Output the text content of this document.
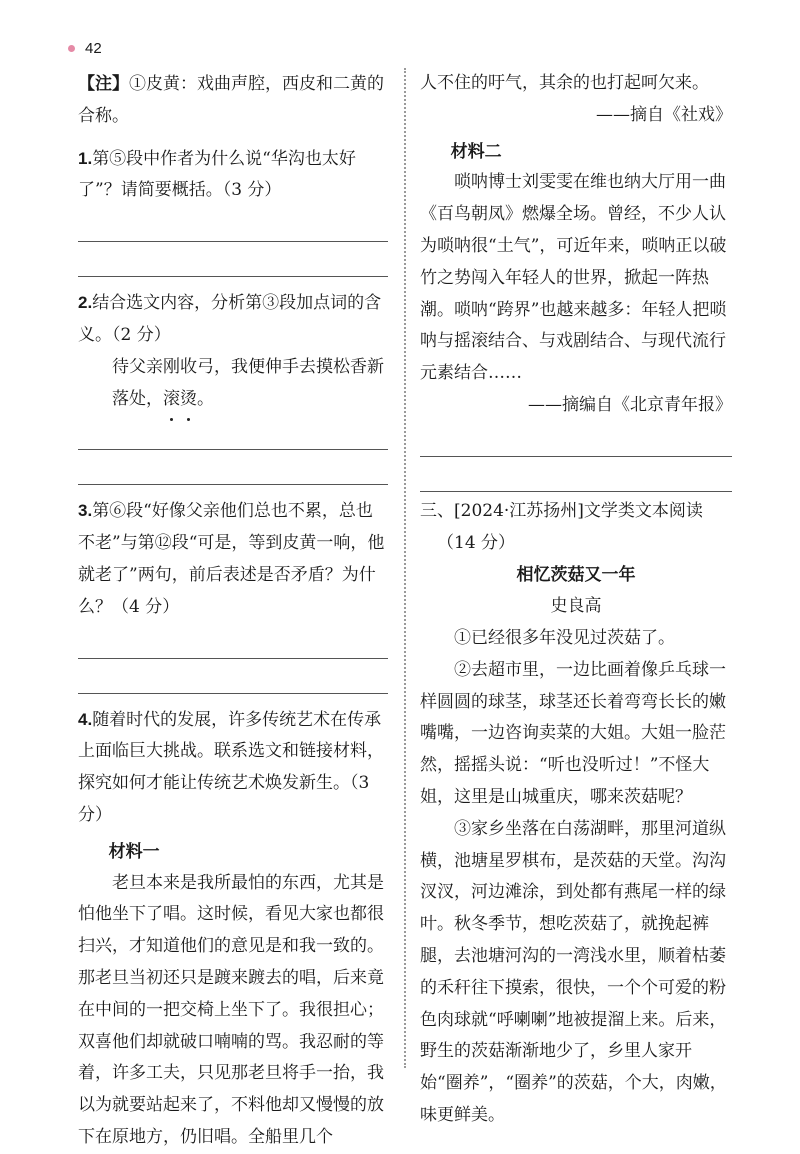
42
【注】①皮黄：戏曲声腔，西皮和二黄的合称。
1.第⑤段中作者为什么说“华沟也太好了”？请简要概括。（3 分）
2.结合选文内容，分析第③段加点词的含义。（2 分）
待父亲刚收弓，我便伸手去摸松香新落处，滚烫。
3.第⑥段“好像父亲他们总也不累，总也不老”与第⑫段“可是，等到皮黄一响，他就老了”两句，前后表述是否矛盾？为什么？（4 分）
4.随着时代的发展，许多传统艺术在传承上面临巨大挑战。联系选文和链接材料，探究如何才能让传统艺术焕发新生。（3 分）
材料一
老旦本来是我所最怕的东西，尤其是怕他坐下了唱。这时候，看见大家也都很扫兴，才知道他们的意见是和我一致的。那老旦当初还只是踱来踱去的唱，后来竟在中间的一把交椅上坐下了。我很担心；双喜他们却就破口喃喃的骂。我忍耐的等着，许多工夫，只见那老旦将手一抬，我以为就要站起来了，不料他却又慢慢的放下在原地方，仍旧唱。全船里几个
人不住的吁气，其余的也打起呵欠来。
——摘自《社戏》
材料二
唢呐博士刘雯雯在维也纳大厅用一曲《百鸟朝凤》燃爆全场。曾经，不少人认为唢呐很“土气”，可近年来，唢呐正以破竹之势闯入年轻人的世界，掀起一阵热潮。唢呐“跨界”也越来越多：年轻人把唢呐与摇滚结合、与戏剧结合、与现代流行元素结合……
——摘编自《北京青年报》
三、[2024·江苏扬州]文学类文本阅读
（14 分）
相忆茨菇又一年
史良高
①已经很多年没见过茨菇了。
②去超市里，一边比画着像乒乓球一样圆圆的球茎，球茎还长着弯弯长长的嫩嘴嘴，一边咨询卖菜的大姐。大姐一脸茫然，摇摇头说：“听也没听过！”不怪大姐，这里是山城重庆，哪来茨菇呢？
③家乡坐落在白荡湖畔，那里河道纵横，池塘星罗棋布，是茨菇的天堂。沟沟汊汊，河边滩涂，到处都有燕尾一样的绿叶。秋冬季节，想吃茨菇了，就挽起裤腿，去池塘河沟的一湾浅水里，顺着枯萎的禾秆往下摸索，很快，一个个可爱的粉色肉球就“呼喇喇”地被提溜上来。后来，野生的茨菇渐渐地少了，乡里人家开始“圈养”，“圈养”的茨菇，个大，肉嫩，味更鲜美。
